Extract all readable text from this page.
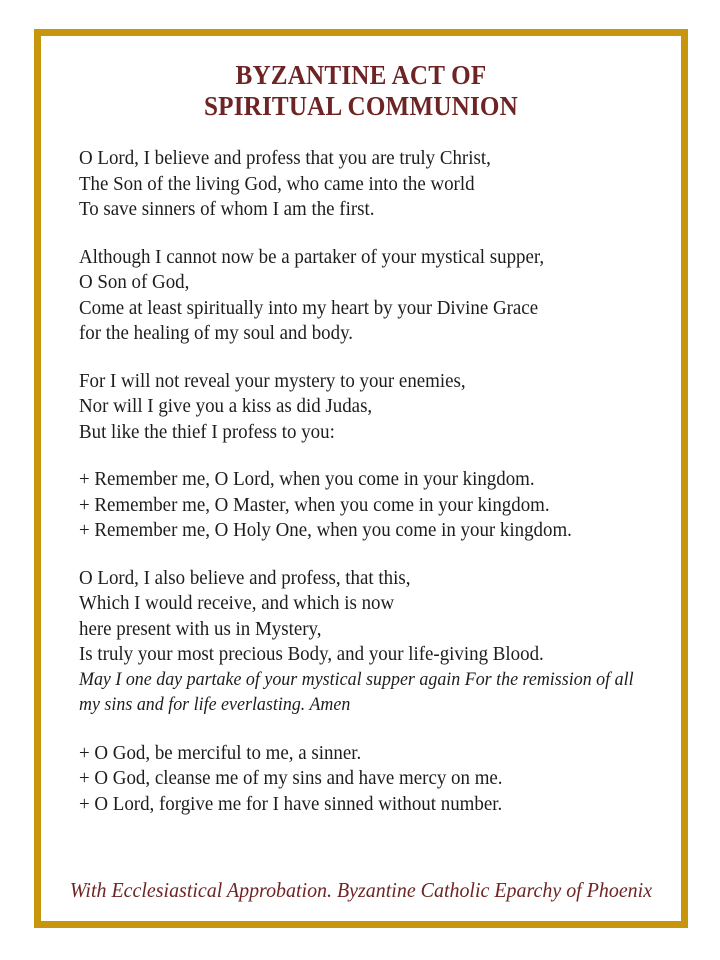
BYZANTINE ACT OF
SPIRITUAL COMMUNION
O Lord, I believe and profess that you are truly Christ,
The Son of the living God, who came into the world
To save sinners of whom I am the first.
Although I cannot now be a partaker of your mystical supper,
O Son of God,
Come at least spiritually into my heart by your Divine Grace
for the healing of my soul and body.
For I will not reveal your mystery to your enemies,
Nor will I give you a kiss as did Judas,
But like the thief I profess to you:
+ Remember me, O Lord, when you come in your kingdom.
+ Remember me, O Master, when you come in your kingdom.
+ Remember me, O Holy One, when you come in your kingdom.
O Lord, I also believe and profess, that this,
Which I would receive, and which is now
here present with us in Mystery,
Is truly your most precious Body, and your life-giving Blood.
May I one day partake of your mystical supper again For the remission of all
my sins and for life everlasting. Amen
+ O God, be merciful to me, a sinner.
+ O God, cleanse me of my sins and have mercy on me.
+ O Lord, forgive me for I have sinned without number.
With Ecclesiastical Approbation. Byzantine Catholic Eparchy of Phoenix
